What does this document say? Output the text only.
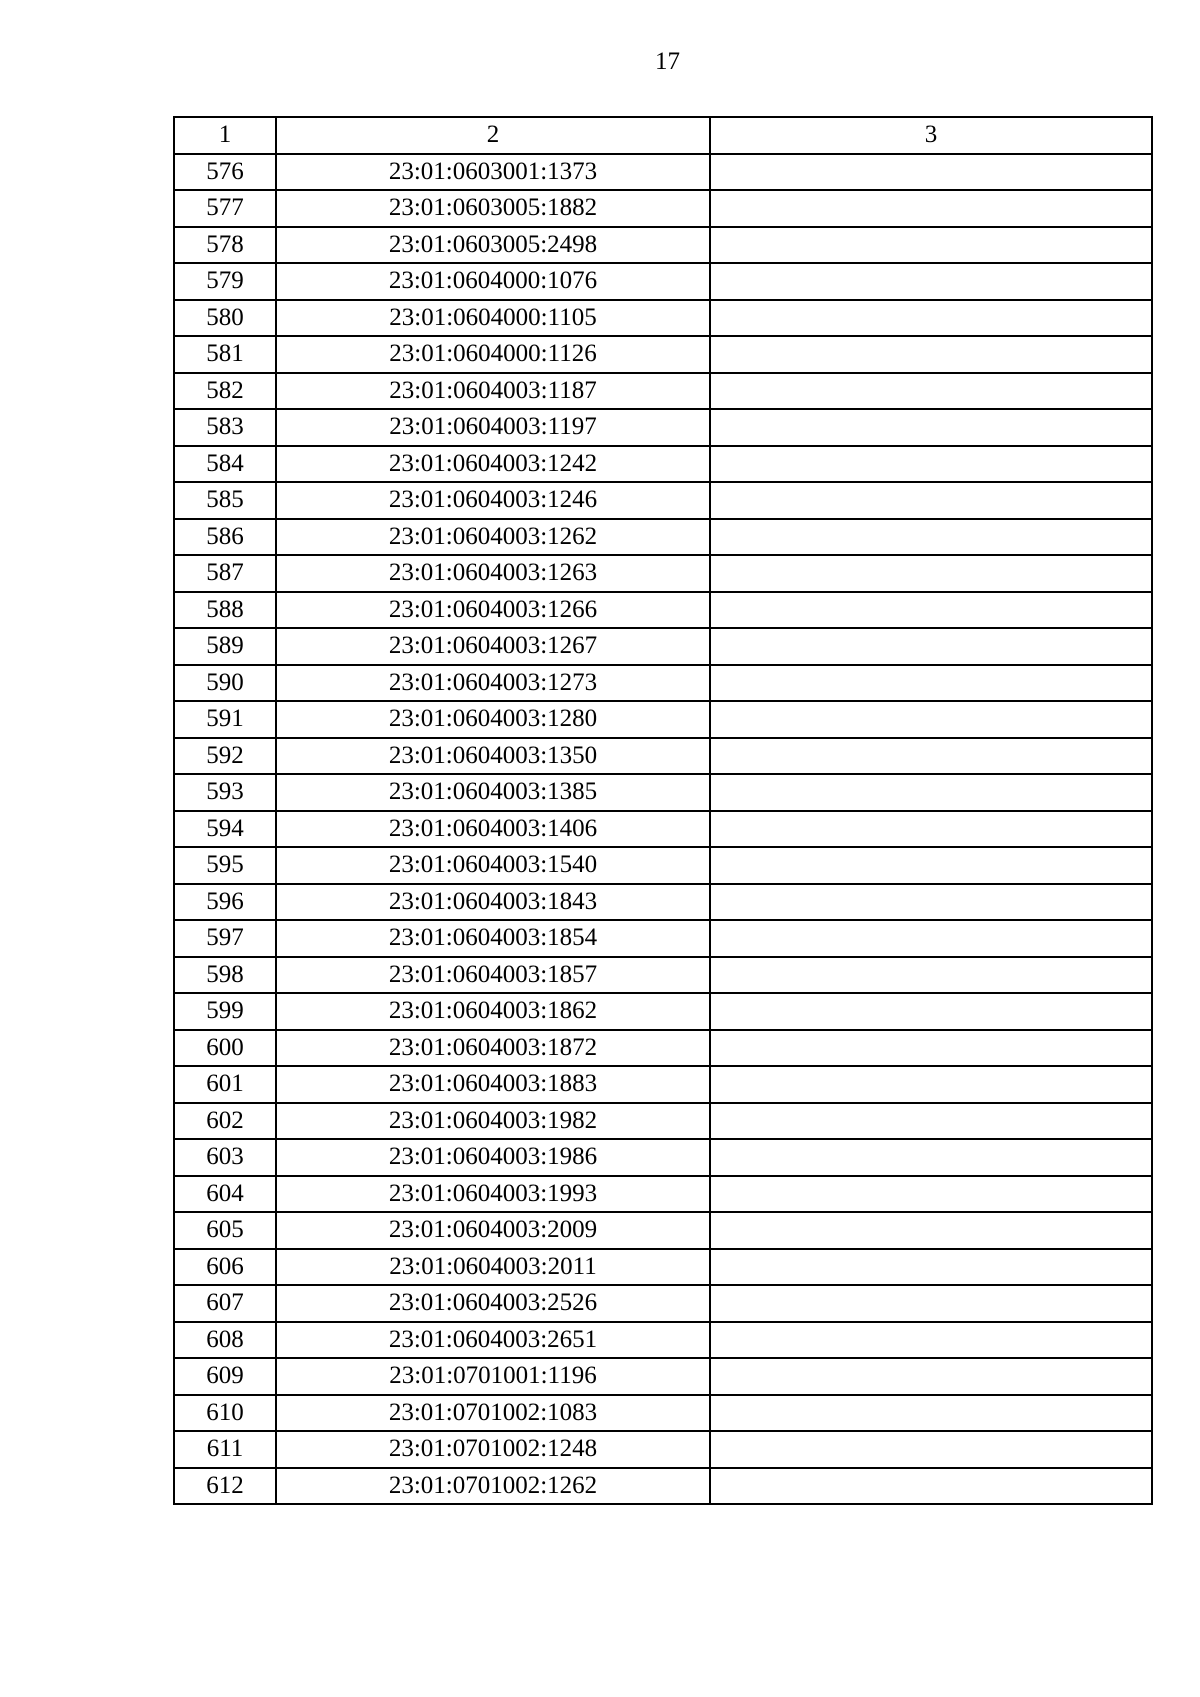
17
1	2	3
576	23:01:0603001:1373	
577	23:01:0603005:1882	
578	23:01:0603005:2498	
579	23:01:0604000:1076	
580	23:01:0604000:1105	
581	23:01:0604000:1126	
582	23:01:0604003:1187	
583	23:01:0604003:1197	
584	23:01:0604003:1242	
585	23:01:0604003:1246	
586	23:01:0604003:1262	
587	23:01:0604003:1263	
588	23:01:0604003:1266	
589	23:01:0604003:1267	
590	23:01:0604003:1273	
591	23:01:0604003:1280	
592	23:01:0604003:1350	
593	23:01:0604003:1385	
594	23:01:0604003:1406	
595	23:01:0604003:1540	
596	23:01:0604003:1843	
597	23:01:0604003:1854	
598	23:01:0604003:1857	
599	23:01:0604003:1862	
600	23:01:0604003:1872	
601	23:01:0604003:1883	
602	23:01:0604003:1982	
603	23:01:0604003:1986	
604	23:01:0604003:1993	
605	23:01:0604003:2009	
606	23:01:0604003:2011	
607	23:01:0604003:2526	
608	23:01:0604003:2651	
609	23:01:0701001:1196	
610	23:01:0701002:1083	
611	23:01:0701002:1248	
612	23:01:0701002:1262	
